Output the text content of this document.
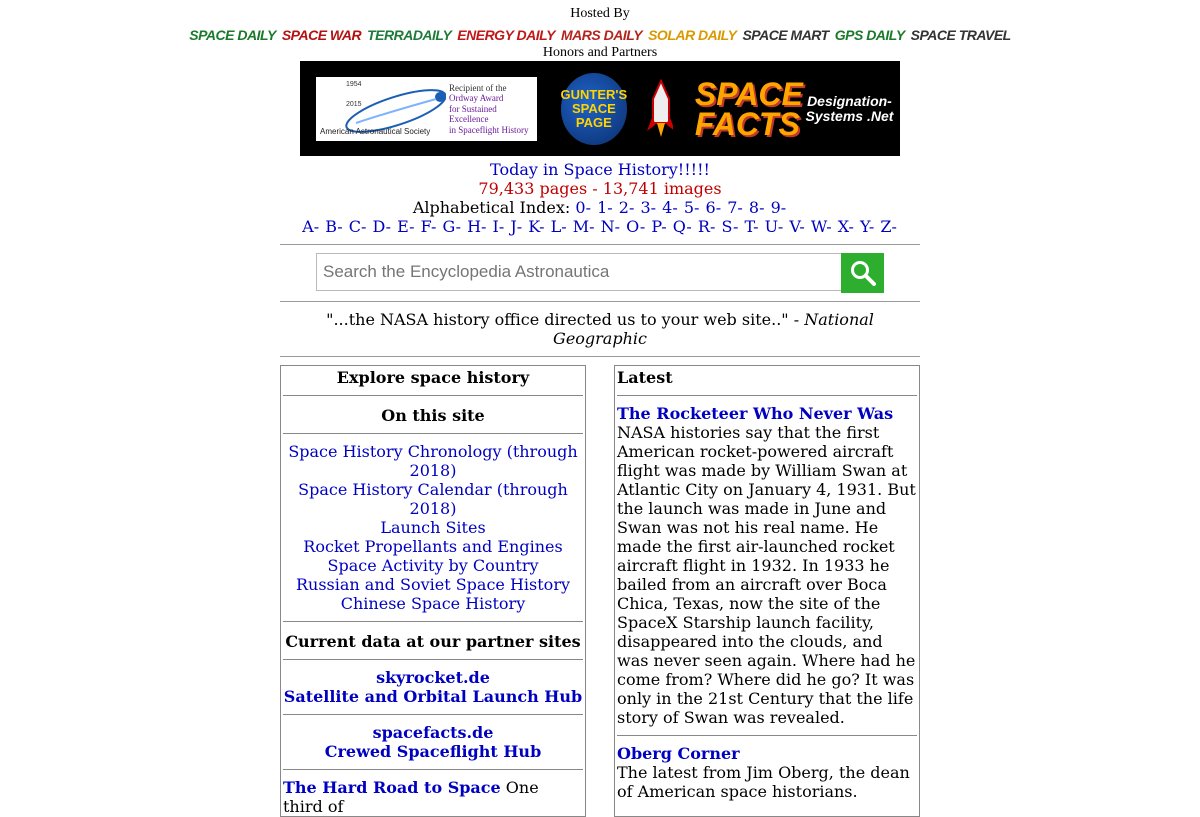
Hosted By
SPACE DAILY SPACE WAR TERRADAILY ENERGY DAILY MARS DAILY SOLAR DAILY SPACE MART GPS DAILY SPACE TRAVEL
Honors and Partners
1954
2015
American Astronautical Society
Recipient of the
Ordway Award
for Sustained Excellence
in Spaceflight History
GUNTER'S SPACE PAGE
SPACE FACTS
Designation-Systems .Net
Today in Space History!!!!!
79,433 pages - 13,741 images
Alphabetical Index: 0- 1- 2- 3- 4- 5- 6- 7- 8- 9-
A- B- C- D- E- F- G- H- I- J- K- L- M- N- O- P- Q- R- S- T- U- V- W- X- Y- Z-
Search the Encyclopedia Astronautica
"...the NASA history office directed us to your web site.." - National Geographic
Explore space history
On this site
Space History Chronology (through 2018)
Space History Calendar (through 2018)
Launch Sites
Rocket Propellants and Engines
Space Activity by Country
Russian and Soviet Space History
Chinese Space History
Current data at our partner sites
skyrocket.de
Satellite and Orbital Launch Hub
spacefacts.de
Crewed Spaceflight Hub
The Hard Road to Space One third of
Latest
The Rocketeer Who Never Was
NASA histories say that the first American rocket-powered aircraft flight was made by William Swan at Atlantic City on January 4, 1931. But the launch was made in June and Swan was not his real name. He made the first air-launched rocket aircraft flight in 1932. In 1933 he bailed from an aircraft over Boca Chica, Texas, now the site of the SpaceX Starship launch facility, disappeared into the clouds, and was never seen again. Where had he come from? Where did he go? It was only in the 21st Century that the life story of Swan was revealed.
Oberg Corner
The latest from Jim Oberg, the dean of American space historians.
